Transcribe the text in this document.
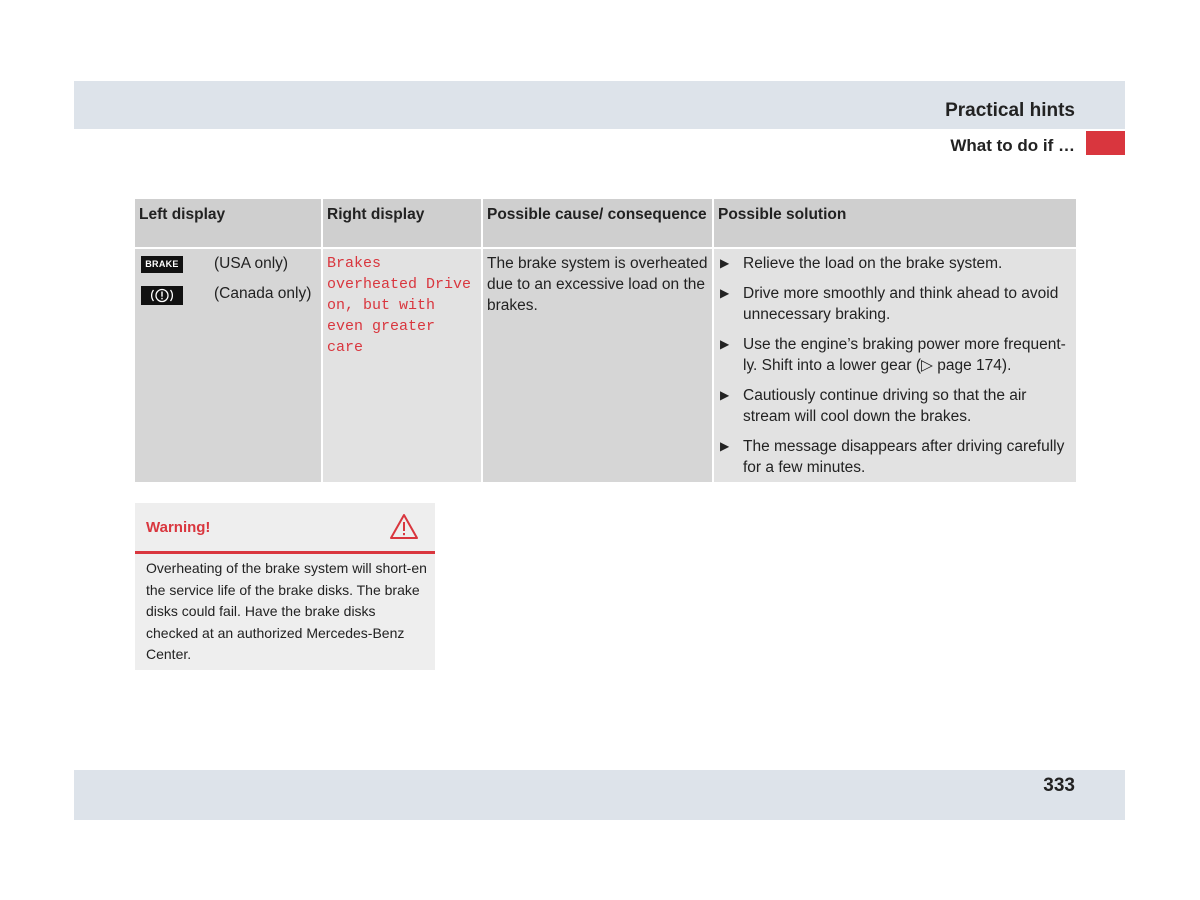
Practical hints
What to do if …
Left display	Right display	Possible cause/ consequence Possible solution
BRAKE (USA only)
(Canada only)
Brakes overheated Drive on, but with even greater care
The brake system is overheated due to an excessive load on the brakes.
▶ Relieve the load on the brake system.
▶ Drive more smoothly and think ahead to avoid unnecessary braking.
▶ Use the engine’s braking power more frequent-ly. Shift into a lower gear (▷ page 174).
▶ Cautiously continue driving so that the air stream will cool down the brakes.
▶ The message disappears after driving carefully for a few minutes.
Warning!
Overheating of the brake system will short-en the service life of the brake disks. The brake disks could fail. Have the brake disks checked at an authorized Mercedes-Benz Center.
333
